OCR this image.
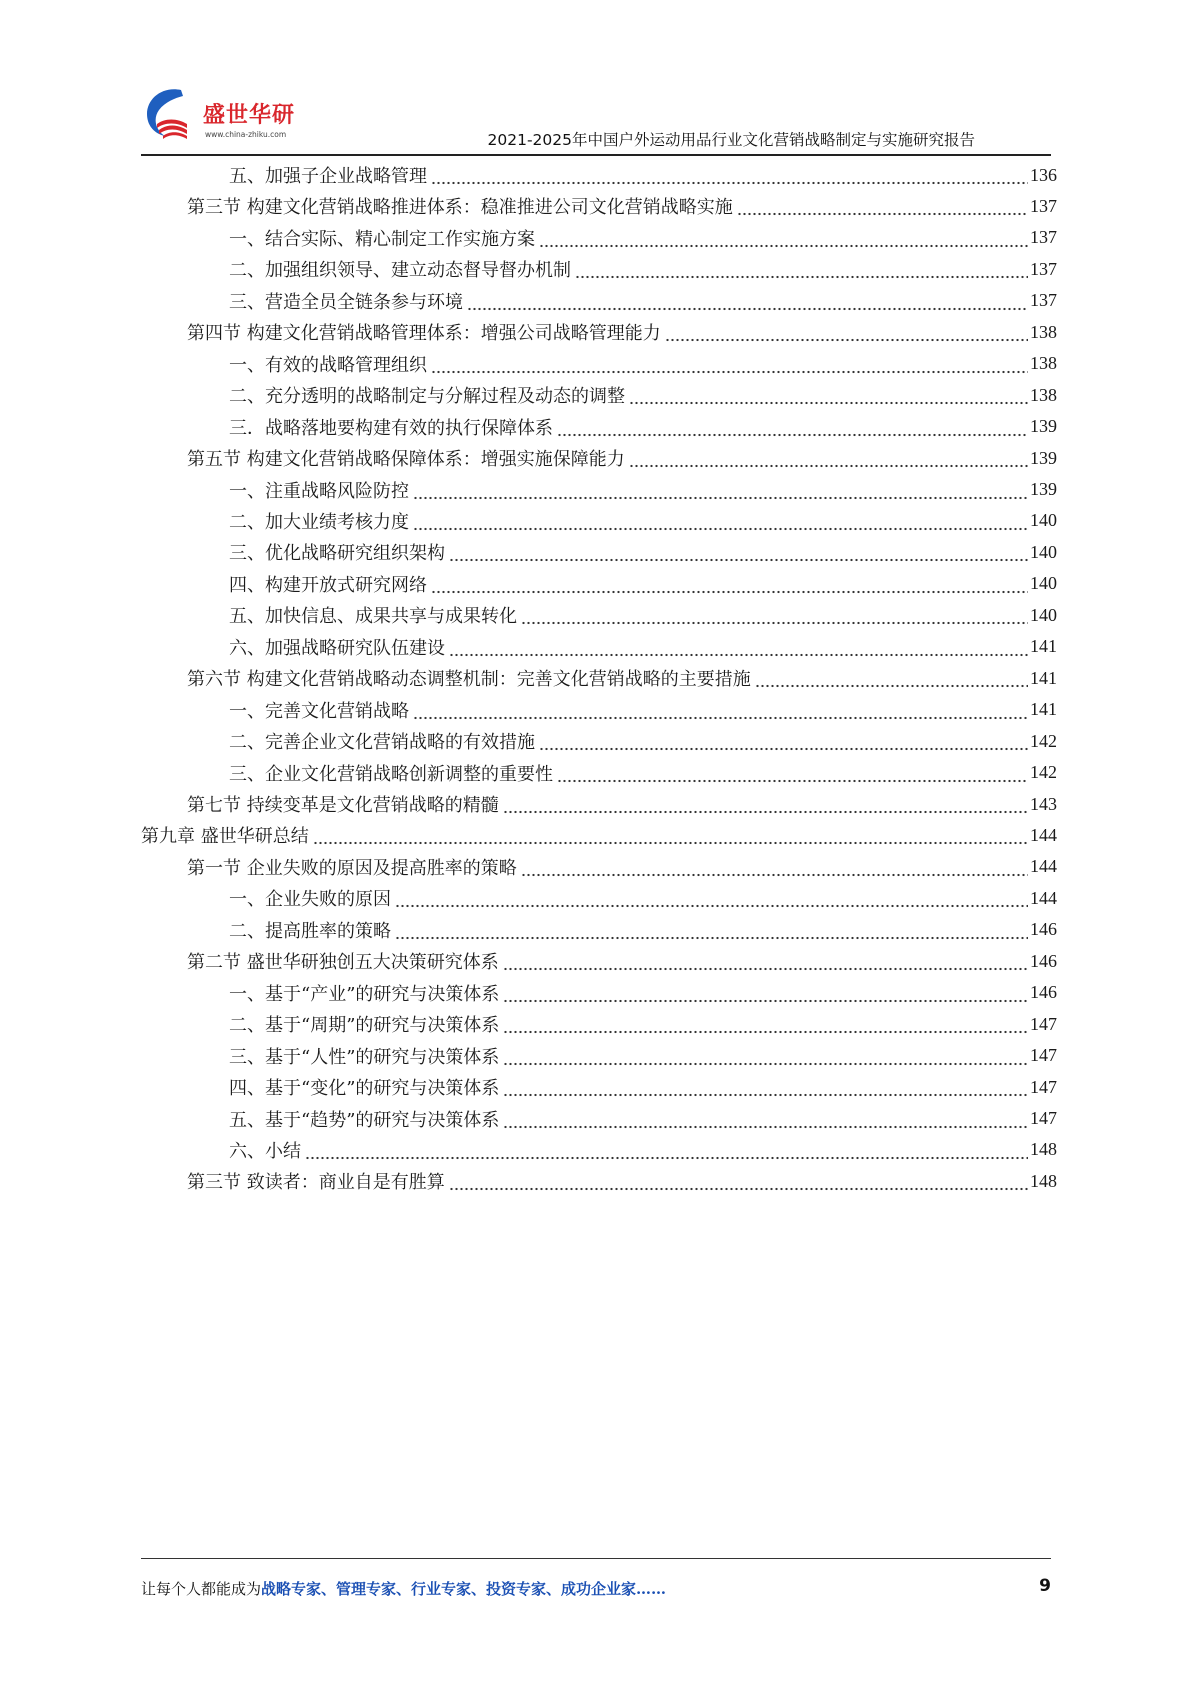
盛世华研
www.china-zhiku.com	2021-2025年中国户外运动用品行业文化营销战略制定与实施研究报告
五、加强子企业战略管理	136
第三节 构建文化营销战略推进体系：稳准推进公司文化营销战略实施	137
一、结合实际、精心制定工作实施方案	137
二、加强组织领导、建立动态督导督办机制	137
三、营造全员全链条参与环境	137
第四节 构建文化营销战略管理体系：增强公司战略管理能力	138
一、有效的战略管理组织	138
二、充分透明的战略制定与分解过程及动态的调整	138
三．战略落地要构建有效的执行保障体系	139
第五节 构建文化营销战略保障体系：增强实施保障能力	139
一、注重战略风险防控	139
二、加大业绩考核力度	140
三、优化战略研究组织架构	140
四、构建开放式研究网络	140
五、加快信息、成果共享与成果转化	140
六、加强战略研究队伍建设	141
第六节 构建文化营销战略动态调整机制：完善文化营销战略的主要措施	141
一、完善文化营销战略	141
二、完善企业文化营销战略的有效措施	142
三、企业文化营销战略创新调整的重要性	142
第七节 持续变革是文化营销战略的精髓	143
第九章 盛世华研总结	144
第一节 企业失败的原因及提高胜率的策略	144
一、企业失败的原因	144
二、提高胜率的策略	146
第二节 盛世华研独创五大决策研究体系	146
一、基于“产业”的研究与决策体系	146
二、基于“周期”的研究与决策体系	147
三、基于“人性”的研究与决策体系	147
四、基于“变化”的研究与决策体系	147
五、基于“趋势”的研究与决策体系	147
六、小结	148
第三节 致读者：商业自是有胜算	148
让每个人都能成为战略专家、管理专家、行业专家、投资专家、成功企业家……	9
